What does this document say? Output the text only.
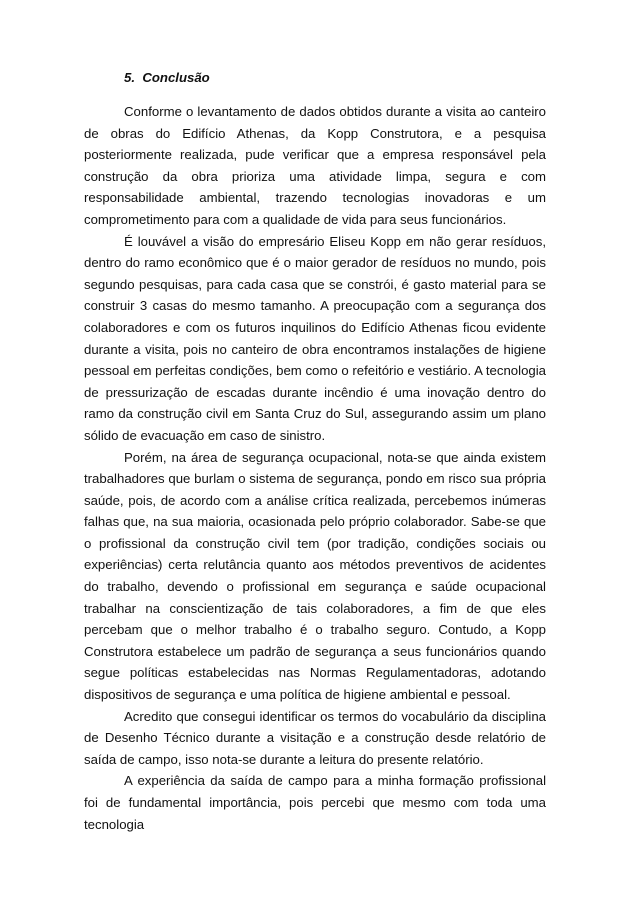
5. Conclusão

Conforme o levantamento de dados obtidos durante a visita ao canteiro de obras do Edifício Athenas, da Kopp Construtora, e a pesquisa posteriormente realizada, pude verificar que a empresa responsável pela construção da obra prioriza uma atividade limpa, segura e com responsabilidade ambiental, trazendo tecnologias inovadoras e um comprometimento para com a qualidade de vida para seus funcionários.

É louvável a visão do empresário Eliseu Kopp em não gerar resíduos, dentro do ramo econômico que é o maior gerador de resíduos no mundo, pois segundo pesquisas, para cada casa que se constrói, é gasto material para se construir 3 casas do mesmo tamanho. A preocupação com a segurança dos colaboradores e com os futuros inquilinos do Edifício Athenas ficou evidente durante a visita, pois no canteiro de obra encontramos instalações de higiene pessoal em perfeitas condições, bem como o refeitório e vestiário. A tecnologia de pressurização de escadas durante incêndio é uma inovação dentro do ramo da construção civil em Santa Cruz do Sul, assegurando assim um plano sólido de evacuação em caso de sinistro.

Porém, na área de segurança ocupacional, nota-se que ainda existem trabalhadores que burlam o sistema de segurança, pondo em risco sua própria saúde, pois, de acordo com a análise crítica realizada, percebemos inúmeras falhas que, na sua maioria, ocasionada pelo próprio colaborador. Sabe-se que o profissional da construção civil tem (por tradição, condições sociais ou experiências) certa relutância quanto aos métodos preventivos de acidentes do trabalho, devendo o profissional em segurança e saúde ocupacional trabalhar na conscientização de tais colaboradores, a fim de que eles percebam que o melhor trabalho é o trabalho seguro. Contudo, a Kopp Construtora estabelece um padrão de segurança a seus funcionários quando segue políticas estabelecidas nas Normas Regulamentadoras, adotando dispositivos de segurança e uma política de higiene ambiental e pessoal.

Acredito que consegui identificar os termos do vocabulário da disciplina de Desenho Técnico durante a visitação e a construção desde relatório de saída de campo, isso nota-se durante a leitura do presente relatório.

A experiência da saída de campo para a minha formação profissional foi de fundamental importância, pois percebi que mesmo com toda uma tecnologia
